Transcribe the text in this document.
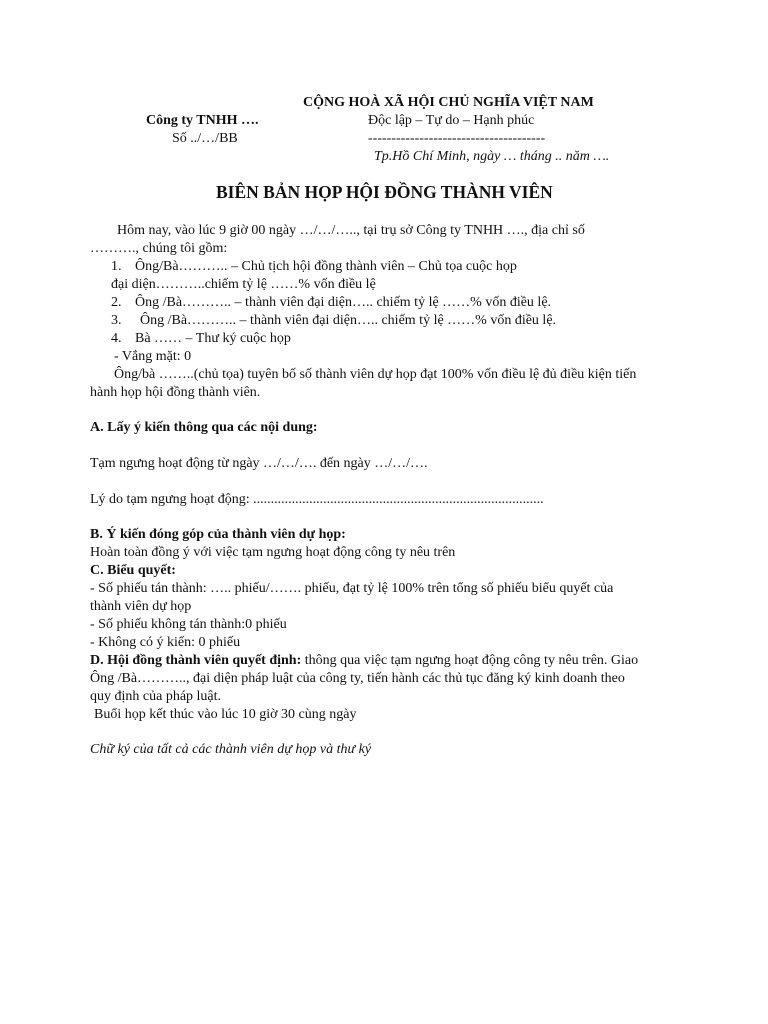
CỘNG HOÀ XÃ HỘI CHỦ NGHĨA VIỆT NAM
Công ty TNHH ….	Độc lập – Tự do – Hạnh phúc
Số ../…/BB	--------------------------------------
Tp.Hồ Chí Minh, ngày … tháng .. năm ….
BIÊN BẢN HỌP HỘI ĐỒNG THÀNH VIÊN
Hôm nay, vào lúc 9 giờ 00 ngày …/…/….., tại trụ sở Công ty TNHH …., địa chỉ số
………., chúng tôi gồm:
1. Ông/Bà……….. – Chủ tịch hội đồng thành viên – Chủ tọa cuộc họp
đại diện………..chiếm tỷ lệ ……% vốn điều lệ
2. Ông /Bà……….. – thành viên đại diện….. chiếm tỷ lệ ……% vốn điều lệ.
3. Ông /Bà……….. – thành viên đại diện….. chiếm tỷ lệ ……% vốn điều lệ.
4. Bà …… – Thư ký cuộc họp
- Vắng mặt: 0
Ông/bà ……..(chủ tọa) tuyên bố số thành viên dự họp đạt 100% vốn điều lệ đủ điều kiện tiến
hành họp hội đồng thành viên.
A. Lấy ý kiến thông qua các nội dung:
Tạm ngưng hoạt động từ ngày …/…/…. đến ngày …/…/….
Lý do tạm ngưng hoạt động: ...................................................................................
B. Ý kiến đóng góp của thành viên dự họp:
Hoàn toàn đồng ý với việc tạm ngưng hoạt động công ty nêu trên
C. Biểu quyết:
- Số phiếu tán thành: ….. phiếu/……. phiếu, đạt tỷ lệ 100% trên tổng số phiếu biểu quyết của
thành viên dự họp
- Số phiếu không tán thành:0 phiếu
- Không có ý kiến: 0 phiếu
D. Hội đồng thành viên quyết định: thông qua việc tạm ngưng hoạt động công ty nêu trên. Giao
Ông /Bà……….., đại diện pháp luật của công ty, tiến hành các thủ tục đăng ký kinh doanh theo
quy định của pháp luật.
Buổi họp kết thúc vào lúc 10 giờ 30 cùng ngày
Chữ ký của tất cả các thành viên dự họp và thư ký
